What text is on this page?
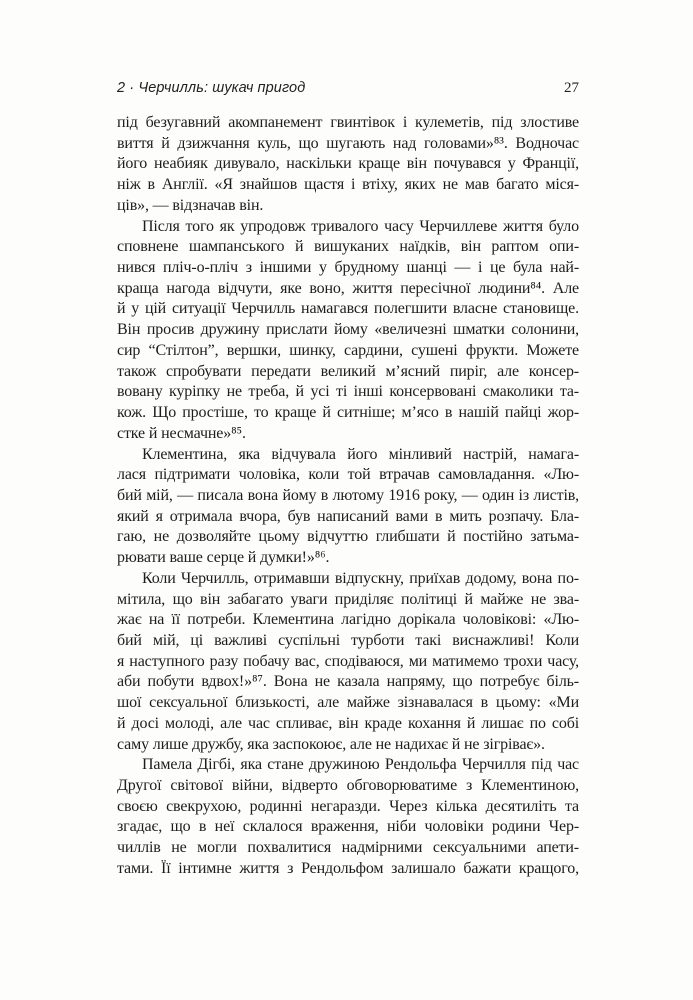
2 · Черчилль: шукач пригод	27

під безугавний акомпанемент гвинтівок і кулеметів, під злостиве
виття й дзижчання куль, що шугають над головами»⁸³. Водночас
його неабияк дивувало, наскільки краще він почувався у Франції,
ніж в Англії. «Я знайшов щастя і втіху, яких не мав багато міся-
ців», — відзначав він.

Після того як упродовж тривалого часу Черчиллеве життя було
сповнене шампанського й вишуканих наїдків, він раптом опи-
нився пліч-о-пліч з іншими у брудному шанці — і це була най-
краща нагода відчути, яке воно, життя пересічної людини⁸⁴. Але
й у цій ситуації Черчилль намагався полегшити власне становище.
Він просив дружину прислати йому «величезні шматки солонини,
сир “Стілтон”, вершки, шинку, сардини, сушені фрукти. Можете
також спробувати передати великий м’ясний пиріг, але консер-
вовану куріпку не треба, й усі ті інші консервовані смаколики та-
кож. Що простіше, то краще й ситніше; м’ясо в нашій пайці жор-
стке й несмачне»⁸⁵.

Клементина, яка відчувала його мінливий настрій, намага-
лася підтримати чоловіка, коли той втрачав самовладання. «Лю-
бий мій, — писала вона йому в лютому 1916 року, — один із листів,
який я отримала вчора, був написаний вами в мить розпачу. Бла-
гаю, не дозволяйте цьому відчуттю глибшати й постійно затьма-
рювати ваше серце й думки!»⁸⁶.

Коли Черчилль, отримавши відпускну, приїхав додому, вона по-
мітила, що він забагато уваги приділяє політиці й майже не зва-
жає на її потреби. Клементина лагідно дорікала чоловікові: «Лю-
бий мій, ці важливі суспільні турботи такі виснажливі! Коли
я наступного разу побачу вас, сподіваюся, ми матимемо трохи часу,
аби побути вдвох!»⁸⁷. Вона не казала напряму, що потребує біль-
шої сексуальної близькості, але майже зізнавалася в цьому: «Ми
й досі молоді, але час спливає, він краде кохання й лишає по собі
саму лише дружбу, яка заспокоює, але не надихає й не зігріває».

Памела Дігбі, яка стане дружиною Рендольфа Черчилля під час
Другої світової війни, відверто обговорюватиме з Клементиною,
своєю свекрухою, родинні негаразди. Через кілька десятиліть та
згадає, що в неї склалося враження, ніби чоловіки родини Чер-
чиллів не могли похвалитися надмірними сексуальними апети-
тами. Її інтимне життя з Рендольфом залишало бажати кращого,
